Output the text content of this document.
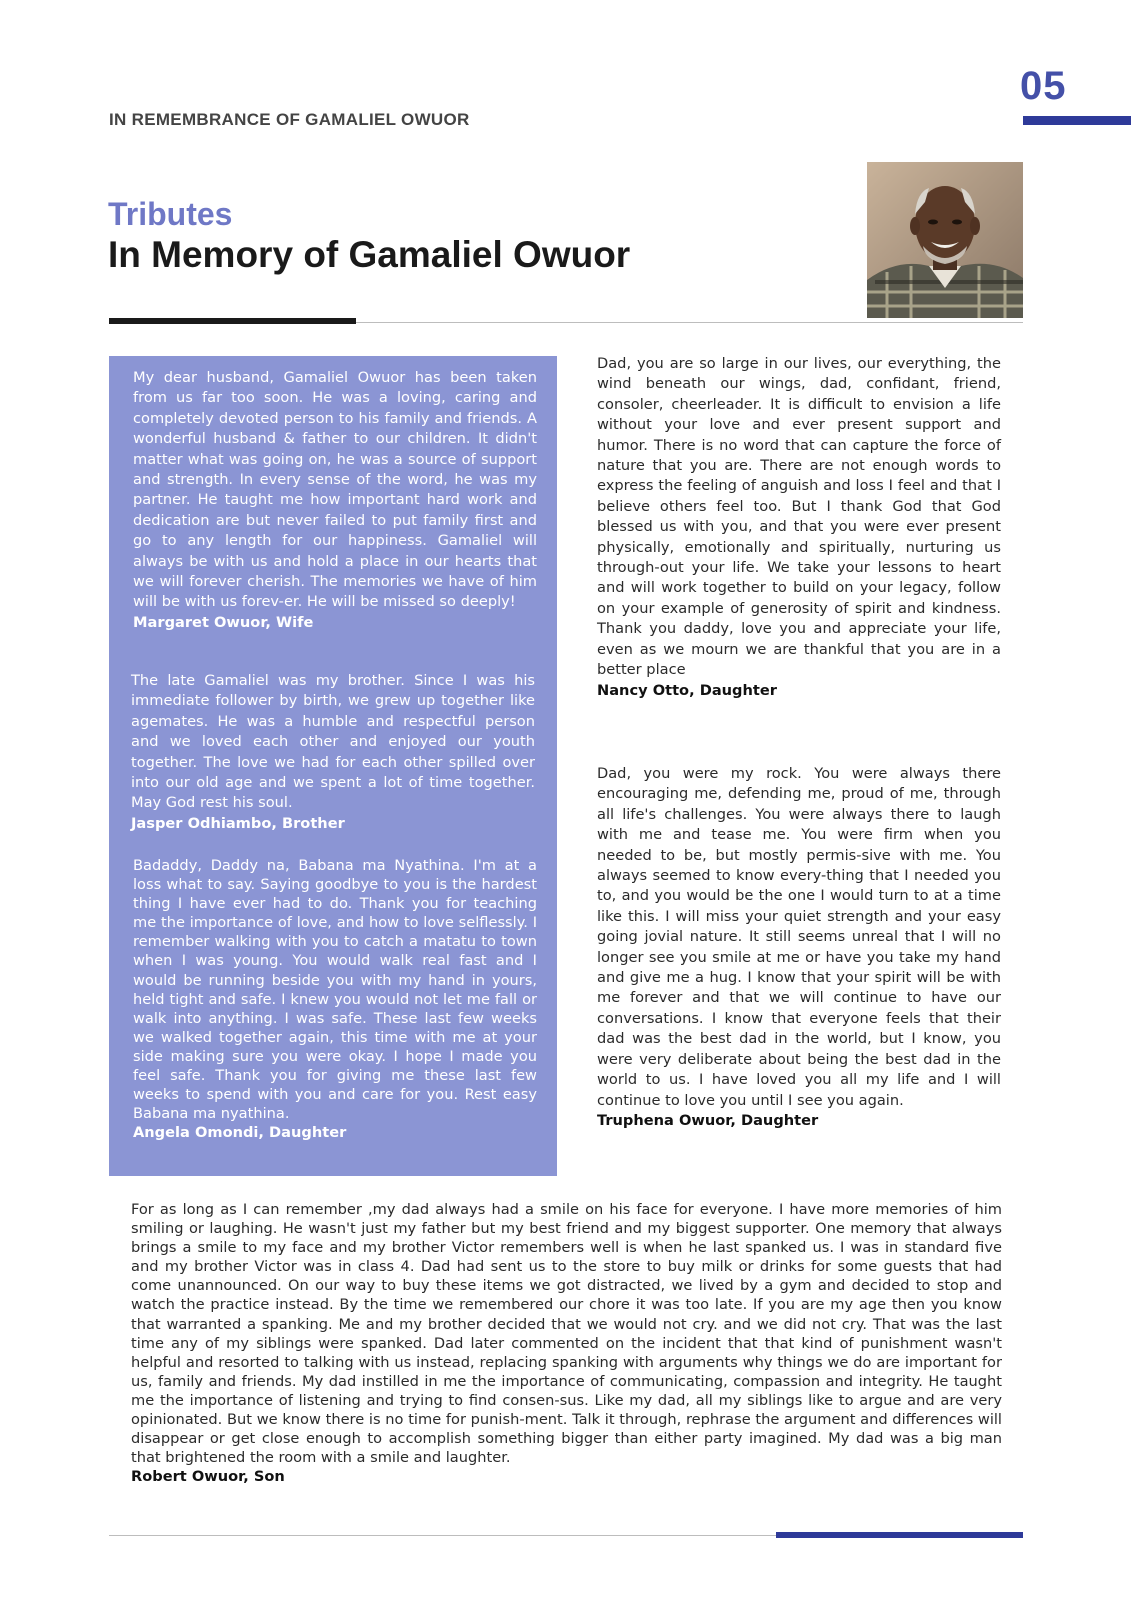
05
IN REMEMBRANCE OF GAMALIEL OWUOR
Tributes
In Memory of Gamaliel Owuor

My dear husband, Gamaliel Owuor has been taken from us far too soon. He was a loving, caring and completely devoted person to his family and friends. A wonderful husband & father to our children. It didn't matter what was going on, he was a source of support and strength. In every sense of the word, he was my partner. He taught me how important hard work and dedication are but never failed to put family first and go to any length for our happiness. Gamaliel will always be with us and hold a place in our hearts that we will forever cherish. The memories we have of him will be with us forev-er. He will be missed so deeply!

Margaret Owuor, Wife

The late Gamaliel was my brother. Since I was his immediate follower by birth, we grew up together like agemates. He was a humble and respectful person and we loved each other and enjoyed our youth together. The love we had for each other spilled over into our old age and we spent a lot of time together. May God rest his soul.

Jasper Odhiambo, Brother

Badaddy, Daddy na, Babana ma Nyathina. I'm at a loss what to say. Saying goodbye to you is the hardest thing I have ever had to do. Thank you for teaching me the importance of love, and how to love selflessly. I remember walking with you to catch a matatu to town when I was young. You would walk real fast and I would be running beside you with my hand in yours, held tight and safe. I knew you would not let me fall or walk into anything. I was safe. These last few weeks we walked together again, this time with me at your side making sure you were okay. I hope I made you feel safe. Thank you for giving me these last few weeks to spend with you and care for you. Rest easy Babana ma nyathina.

Angela Omondi, Daughter

Dad, you are so large in our lives, our everything, the wind beneath our wings, dad, confidant, friend, consoler, cheerleader. It is difficult to envision a life without your love and ever present support and humor. There is no word that can capture the force of nature that you are. There are not enough words to express the feeling of anguish and loss I feel and that I believe others feel too. But I thank God that God blessed us with you, and that you were ever present physically, emotionally and spiritually, nurturing us through-out your life. We take your lessons to heart and will work together to build on your legacy, follow on your example of generosity of spirit and kindness. Thank you daddy, love you and appreciate your life, even as we mourn we are thankful that you are in a better place

Nancy Otto, Daughter

Dad, you were my rock. You were always there encouraging me, defending me, proud of me, through all life's challenges. You were always there to laugh with me and tease me. You were firm when you needed to be, but mostly permis-sive with me. You always seemed to know every-thing that I needed you to, and you would be the one I would turn to at a time like this. I will miss your quiet strength and your easy going jovial nature. It still seems unreal that I will no longer see you smile at me or have you take my hand and give me a hug. I know that your spirit will be with me forever and that we will continue to have our conversations. I know that everyone feels that their dad was the best dad in the world, but I know, you were very deliberate about being the best dad in the world to us. I have loved you all my life and I will continue to love you until I see you again.

Truphena Owuor, Daughter

For as long as I can remember ,my dad always had a smile on his face for everyone. I have more memories of him smiling or laughing. He wasn't just my father but my best friend and my biggest supporter. One memory that always brings a smile to my face and my brother Victor remembers well is when he last spanked us. I was in standard five and my brother Victor was in class 4. Dad had sent us to the store to buy milk or drinks for some guests that had come unannounced. On our way to buy these items we got distracted, we lived by a gym and decided to stop and watch the practice instead. By the time we remembered our chore it was too late. If you are my age then you know that warranted a spanking. Me and my brother decided that we would not cry. and we did not cry. That was the last time any of my siblings were spanked. Dad later commented on the incident that that kind of punishment wasn't helpful and resorted to talking with us instead, replacing spanking with arguments why things we do are important for us, family and friends. My dad instilled in me the importance of communicating, compassion and integrity. He taught me the importance of listening and trying to find consen-sus. Like my dad, all my siblings like to argue and are very opinionated. But we know there is no time for punish-ment. Talk it through, rephrase the argument and differences will disappear or get close enough to accomplish something bigger than either party imagined. My dad was a big man that brightened the room with a smile and laughter.

Robert Owuor, Son
